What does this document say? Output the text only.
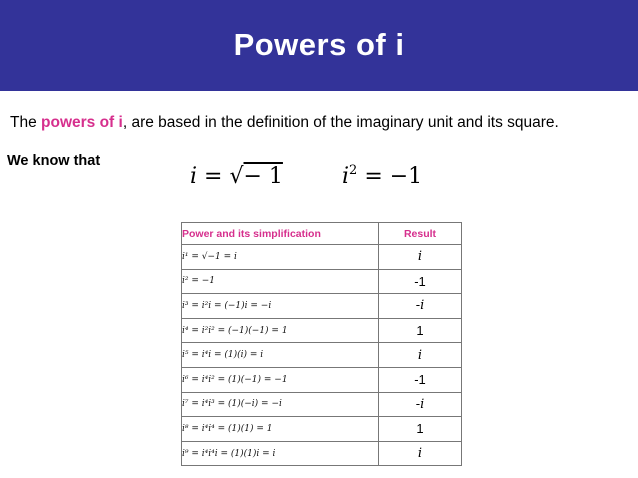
Powers of i
The powers of i, are based in the definition of the imaginary unit and its square.
We know that
i = √− 1	$i^2 = -1$
Power and its simplification	Result
i¹ = √−1 = i	i
i² = −1	-1
i³ = i²i = (−1)i = −i	-i
i⁴ = i²i² = (−1)(−1) = 1	1
i⁵ = i⁴i = (1)(i) = i	i
i⁶ = i⁴i² = (1)(−1) = −1	-1
i⁷ = i⁴i³ = (1)(−i) = −i	-i
i⁸ = i⁴i⁴ = (1)(1) = 1	1
i⁹ = i⁴i⁴i = (1)(1)i = i	i
